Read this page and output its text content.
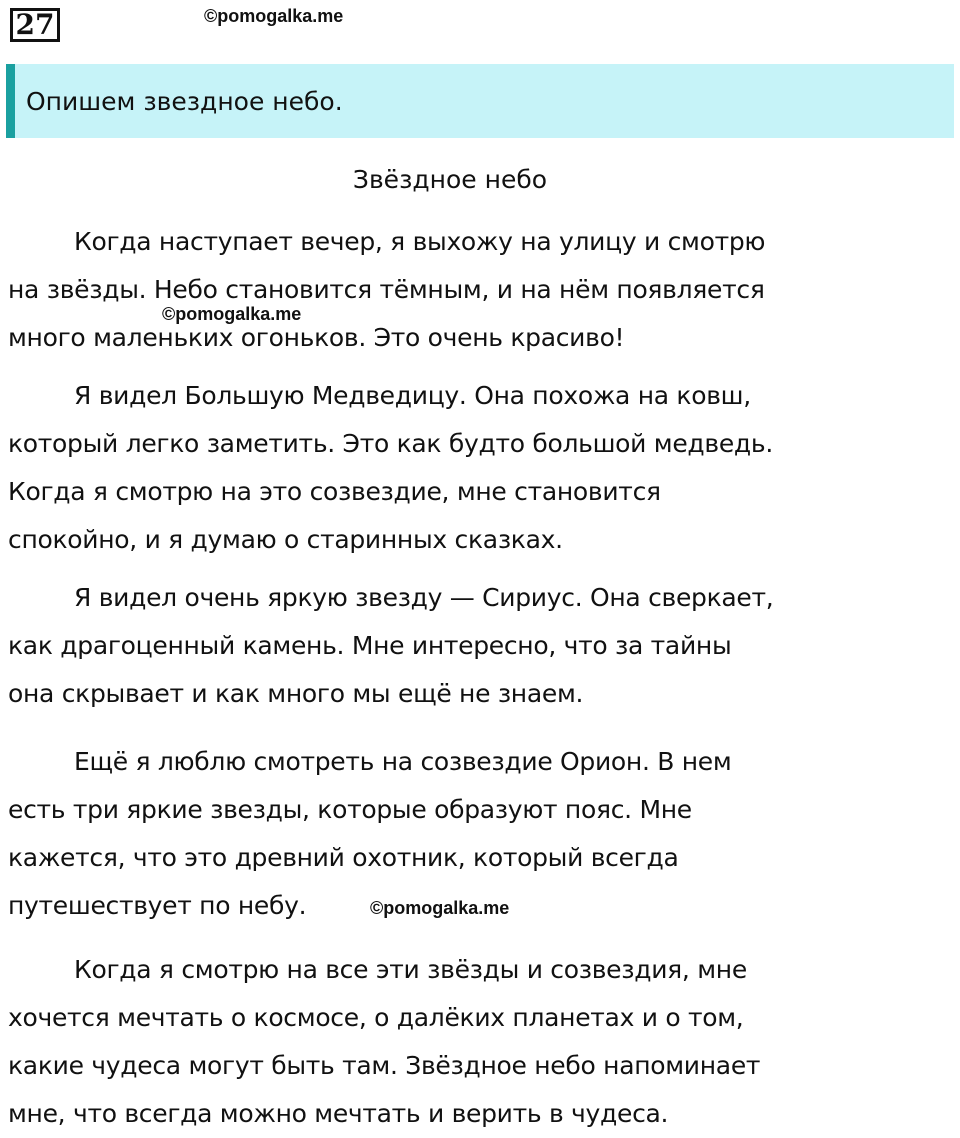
27	©pomogalka.me
Опишем звездное небо.
Звёздное небо

Когда наступает вечер, я выхожу на улицу и смотрю
на звёзды. Небо становится тёмным, и на нём появляется
много маленьких огоньков. Это очень красиво!

©pomogalka.me

Я видел Большую Медведицу. Она похожа на ковш,
который легко заметить. Это как будто большой медведь.
Когда я смотрю на это созвездие, мне становится
спокойно, и я думаю о старинных сказках.

Я видел очень яркую звезду — Сириус. Она сверкает,
как драгоценный камень. Мне интересно, что за тайны
она скрывает и как много мы ещё не знаем.

Ещё я люблю смотреть на созвездие Орион. В нем
есть три яркие звезды, которые образуют пояс. Мне
кажется, что это древний охотник, который всегда
путешествует по небу.	©pomogalka.me

Когда я смотрю на все эти звёзды и созвездия, мне
хочется мечтать о космосе, о далёких планетах и о том,
какие чудеса могут быть там. Звёздное небо напоминает
мне, что всегда можно мечтать и верить в чудеса.
